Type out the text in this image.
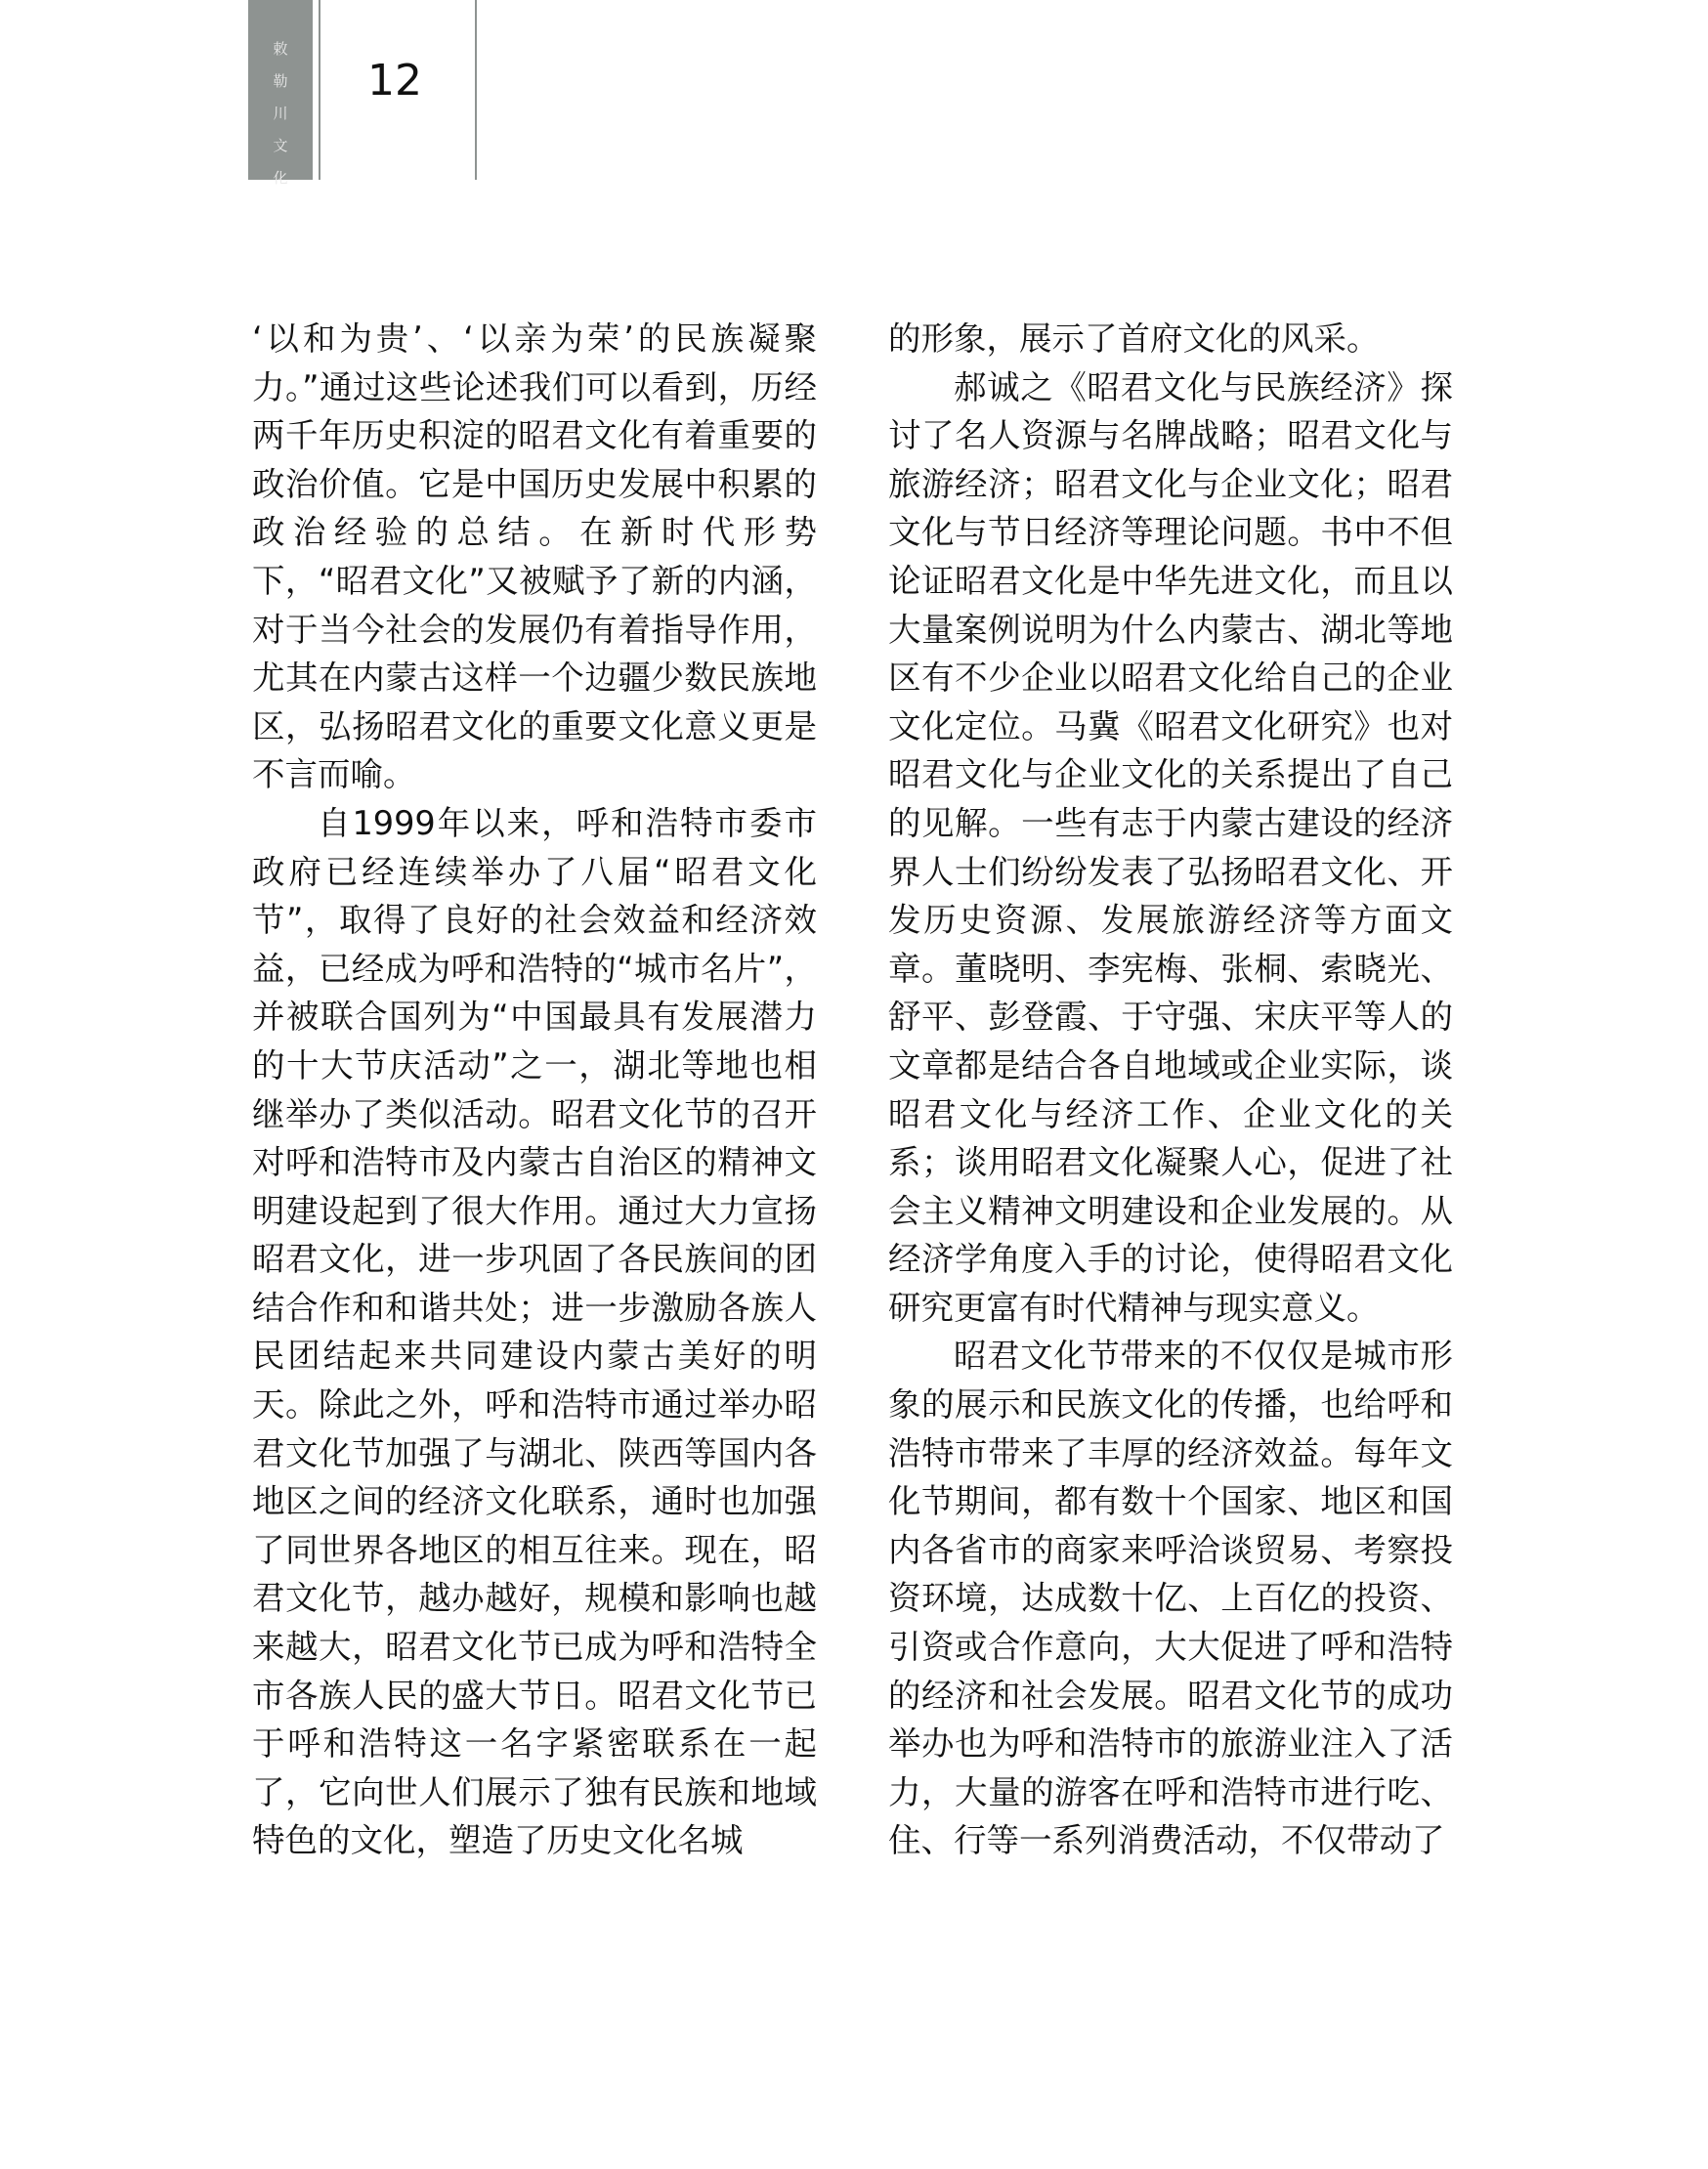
敕
勒
川
文
化
12

‘以和为贵’、‘以亲为荣’的民族凝聚力。”通过这些论述我们可以看到，历经两千年历史积淀的昭君文化有着重要的政治价值。它是中国历史发展中积累的政治经验的总结。在新时代形势下，“昭君文化”又被赋予了新的内涵，对于当今社会的发展仍有着指导作用，尤其在内蒙古这样一个边疆少数民族地区，弘扬昭君文化的重要文化意义更是不言而喻。

自1999年以来，呼和浩特市委市政府已经连续举办了八届“昭君文化节”，取得了良好的社会效益和经济效益，已经成为呼和浩特的“城市名片”，并被联合国列为“中国最具有发展潜力的十大节庆活动”之一，湖北等地也相继举办了类似活动。昭君文化节的召开对呼和浩特市及内蒙古自治区的精神文明建设起到了很大作用。通过大力宣扬昭君文化，进一步巩固了各民族间的团结合作和和谐共处；进一步激励各族人民团结起来共同建设内蒙古美好的明天。除此之外，呼和浩特市通过举办昭君文化节加强了与湖北、陕西等国内各地区之间的经济文化联系，通时也加强了同世界各地区的相互往来。现在，昭君文化节，越办越好，规模和影响也越来越大，昭君文化节已成为呼和浩特全市各族人民的盛大节日。昭君文化节已于呼和浩特这一名字紧密联系在一起了，它向世人们展示了独有民族和地域特色的文化，塑造了历史文化名城

的形象，展示了首府文化的风采。

郝诚之《昭君文化与民族经济》探讨了名人资源与名牌战略；昭君文化与旅游经济；昭君文化与企业文化；昭君文化与节日经济等理论问题。书中不但论证昭君文化是中华先进文化，而且以大量案例说明为什么内蒙古、湖北等地区有不少企业以昭君文化给自己的企业文化定位。马冀《昭君文化研究》也对昭君文化与企业文化的关系提出了自己的见解。一些有志于内蒙古建设的经济界人士们纷纷发表了弘扬昭君文化、开发历史资源、发展旅游经济等方面文章。董晓明、李宪梅、张桐、索晓光、舒平、彭登霞、于守强、宋庆平等人的文章都是结合各自地域或企业实际，谈昭君文化与经济工作、企业文化的关系；谈用昭君文化凝聚人心，促进了社会主义精神文明建设和企业发展的。从经济学角度入手的讨论，使得昭君文化研究更富有时代精神与现实意义。

昭君文化节带来的不仅仅是城市形象的展示和民族文化的传播，也给呼和浩特市带来了丰厚的经济效益。每年文化节期间，都有数十个国家、地区和国内各省市的商家来呼洽谈贸易、考察投资环境，达成数十亿、上百亿的投资、引资或合作意向，大大促进了呼和浩特的经济和社会发展。昭君文化节的成功举办也为呼和浩特市的旅游业注入了活力，大量的游客在呼和浩特市进行吃、住、行等一系列消费活动，不仅带动了
